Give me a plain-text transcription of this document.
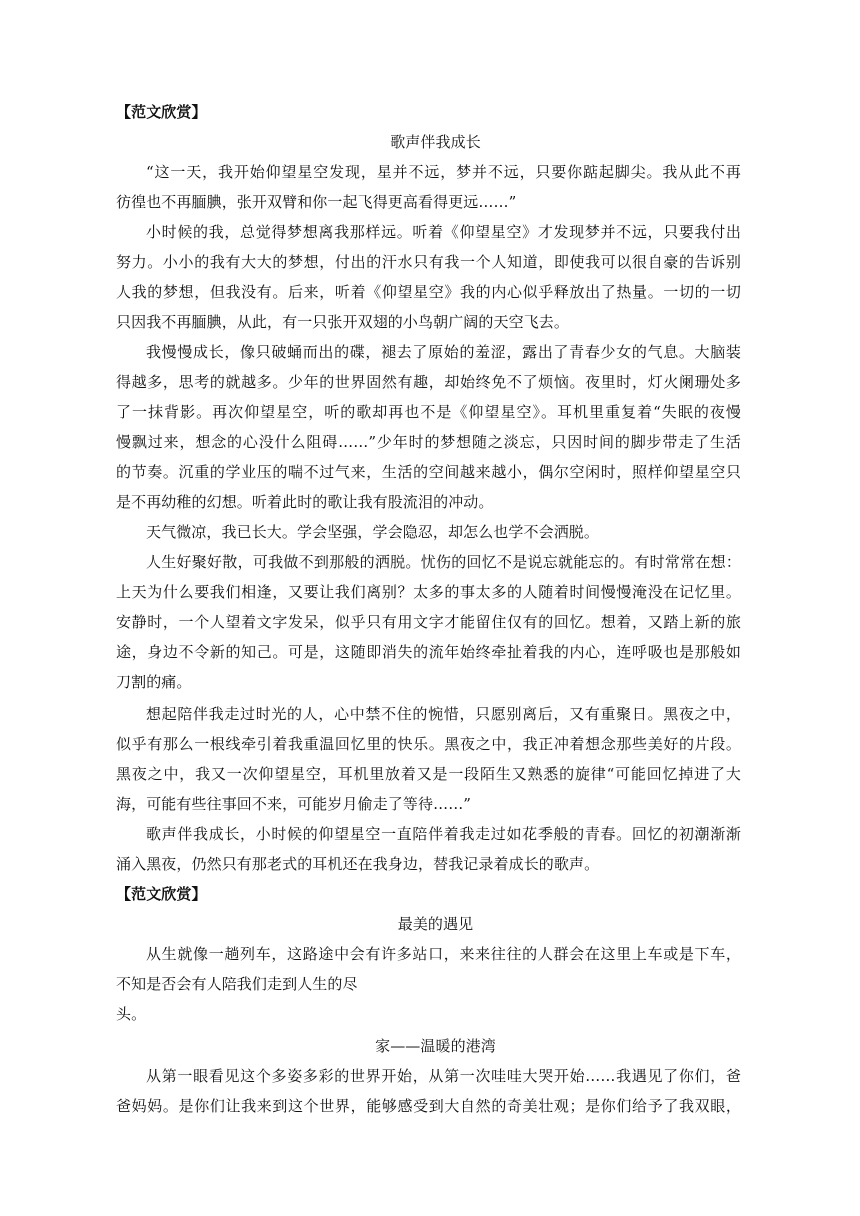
【范文欣赏】
歌声伴我成长
“这一天，我开始仰望星空发现，星并不远，梦并不远，只要你踮起脚尖。我从此不再
彷徨也不再腼腆，张开双臂和你一起飞得更高看得更远……”
小时候的我，总觉得梦想离我那样远。听着《仰望星空》才发现梦并不远，只要我付出
努力。小小的我有大大的梦想，付出的汗水只有我一个人知道，即使我可以很自豪的告诉别
人我的梦想，但我没有。后来，听着《仰望星空》我的内心似乎释放出了热量。一切的一切
只因我不再腼腆，从此，有一只张开双翅的小鸟朝广阔的天空飞去。
我慢慢成长，像只破蛹而出的碟，褪去了原始的羞涩，露出了青春少女的气息。大脑装
得越多，思考的就越多。少年的世界固然有趣，却始终免不了烦恼。夜里时，灯火阑珊处多
了一抹背影。再次仰望星空，听的歌却再也不是《仰望星空》。耳机里重复着“失眠的夜慢
慢飘过来，想念的心没什么阻碍……”少年时的梦想随之淡忘，只因时间的脚步带走了生活
的节奏。沉重的学业压的喘不过气来，生活的空间越来越小，偶尔空闲时，照样仰望星空只
是不再幼稚的幻想。听着此时的歌让我有股流泪的冲动。
天气微凉，我已长大。学会坚强，学会隐忍，却怎么也学不会洒脱。
人生好聚好散，可我做不到那般的洒脱。忧伤的回忆不是说忘就能忘的。有时常常在想：
上天为什么要我们相逢，又要让我们离别？太多的事太多的人随着时间慢慢淹没在记忆里。
安静时，一个人望着文字发呆，似乎只有用文字才能留住仅有的回忆。想着，又踏上新的旅
途，身边不令新的知己。可是，这随即消失的流年始终牵扯着我的内心，连呼吸也是那般如
刀割的痛。
想起陪伴我走过时光的人，心中禁不住的惋惜，只愿别离后，又有重聚日。黑夜之中，
似乎有那么一根线牵引着我重温回忆里的快乐。黑夜之中，我正冲着想念那些美好的片段。
黑夜之中，我又一次仰望星空，耳机里放着又是一段陌生又熟悉的旋律“可能回忆掉进了大
海，可能有些往事回不来，可能岁月偷走了等待……”
歌声伴我成长，小时候的仰望星空一直陪伴着我走过如花季般的青春。回忆的初潮渐渐
涌入黑夜，仍然只有那老式的耳机还在我身边，替我记录着成长的歌声。
【范文欣赏】
最美的遇见
从生就像一趟列车，这路途中会有许多站口，来来往往的人群会在这里上车或是下车，
不知是否会有人陪我们走到人生的尽
头。
家——温暖的港湾
从第一眼看见这个多姿多彩的世界开始，从第一次哇哇大哭开始……我遇见了你们，爸
爸妈妈。是你们让我来到这个世界，能够感受到大自然的奇美壮观；是你们给予了我双眼，
